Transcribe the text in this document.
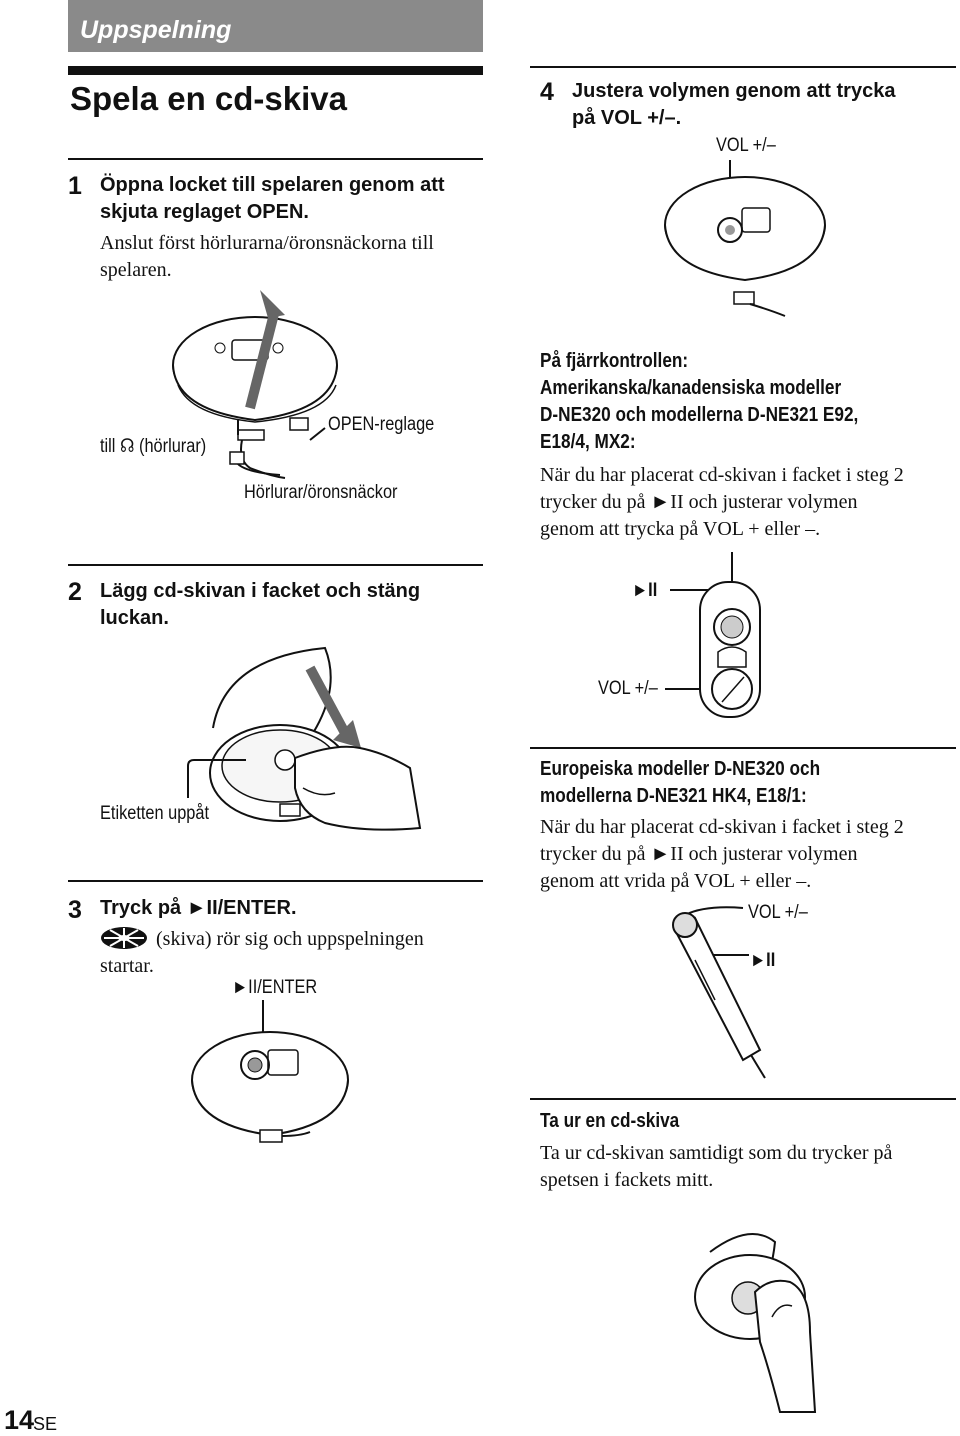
Uppspelning
Spela en cd-skiva
1 Öppna locket till spelaren genom att
skjuta reglaget OPEN.
Anslut först hörlurarna/öronsnäckorna till
spelaren.
till ☊ (hörlurar)
OPEN-reglage
Hörlurar/öronsnäckor
2 Lägg cd-skivan i facket och stäng
luckan.
Etiketten uppåt
3 Tryck på ►II/ENTER.
(skiva) rör sig och uppspelningen
startar.
►II/ENTER
4 Justera volymen genom att trycka
på VOL +/–.
VOL +/–
På fjärrkontrollen:
Amerikanska/kanadensiska modeller
D-NE320 och modellerna D-NE321 E92,
E18/4, MX2:
När du har placerat cd-skivan i facket i steg 2
trycker du på ►II och justerar volymen
genom att trycka på VOL + eller –.
►II
VOL +/–
Europeiska modeller D-NE320 och
modellerna D-NE321 HK4, E18/1:
När du har placerat cd-skivan i facket i steg 2
trycker du på ►II och justerar volymen
genom att vrida på VOL + eller –.
VOL +/–
►II
Ta ur en cd-skiva
Ta ur cd-skivan samtidigt som du trycker på
spetsen i fackets mitt.
14
SE
